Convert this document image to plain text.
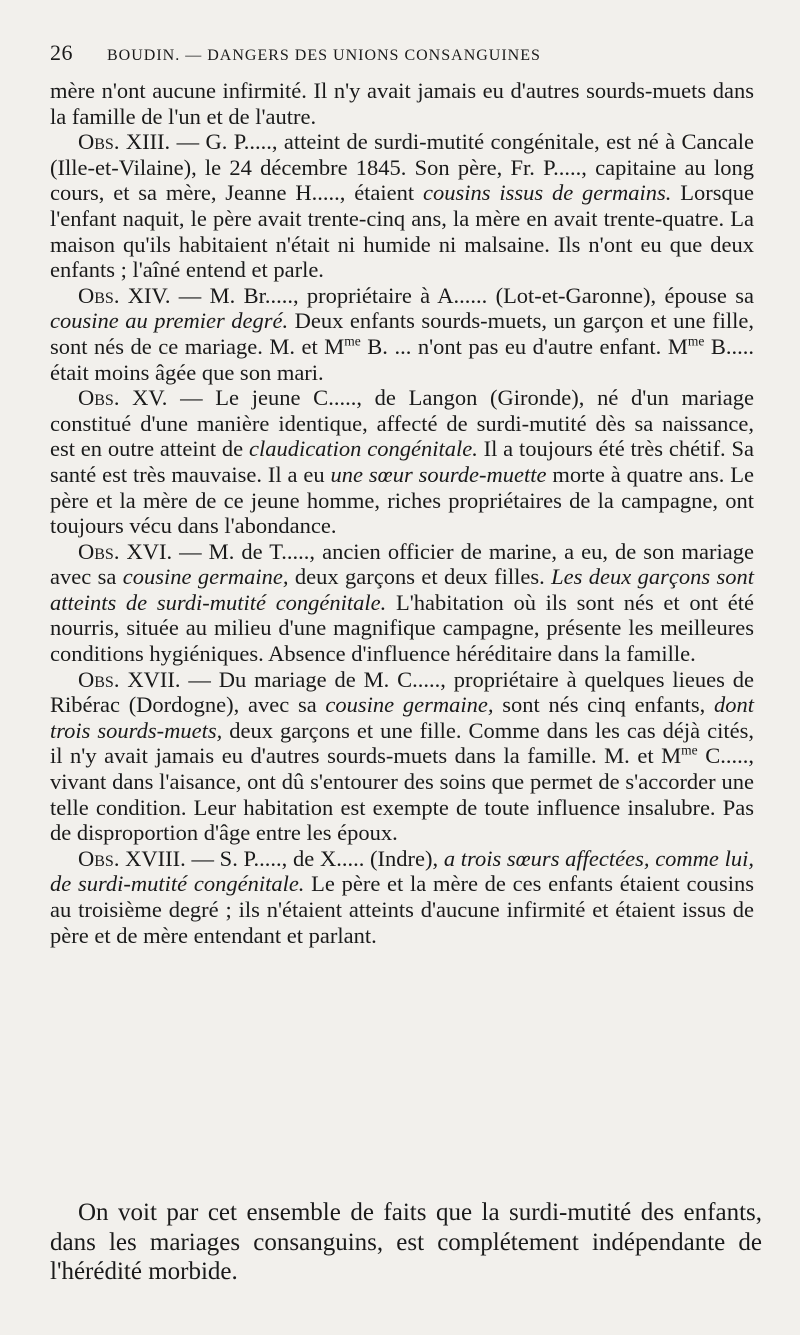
26 BOUDIN. — DANGERS DES UNIONS CONSANGUINES

mère n'ont aucune infirmité. Il n'y avait jamais eu d'autres sourds-muets dans la famille de l'un et de l'autre.

Obs. XIII. — G. P....., atteint de surdi-mutité congénitale, est né à Cancale (Ille-et-Vilaine), le 24 décembre 1845. Son père, Fr. P....., capitaine au long cours, et sa mère, Jeanne H....., étaient cousins issus de germains. Lorsque l'enfant naquit, le père avait trente-cinq ans, la mère en avait trente-quatre. La maison qu'ils habitaient n'était ni humide ni malsaine. Ils n'ont eu que deux enfants ; l'aîné entend et parle.

Obs. XIV. — M. Br....., propriétaire à A...... (Lot-et-Garonne), épouse sa cousine au premier degré. Deux enfants sourds-muets, un garçon et une fille, sont nés de ce mariage. M. et $M^{me}$ B. ... n'ont pas eu d'autre enfant. $M^{me}$ B..... était moins âgée que son mari.

Obs. XV. — Le jeune C....., de Langon (Gironde), né d'un mariage constitué d'une manière identique, affecté de surdi-mutité dès sa naissance, est en outre atteint de claudication congénitale. Il a toujours été très chétif. Sa santé est très mauvaise. Il a eu une sœur sourde-muette morte à quatre ans. Le père et la mère de ce jeune homme, riches propriétaires de la campagne, ont toujours vécu dans l'abondance.

Obs. XVI. — M. de T....., ancien officier de marine, a eu, de son mariage avec sa cousine germaine, deux garçons et deux filles. Les deux garçons sont atteints de surdi-mutité congénitale. L'habitation où ils sont nés et ont été nourris, située au milieu d'une magnifique campagne, présente les meilleures conditions hygiéniques. Absence d'influence héréditaire dans la famille.

Obs. XVII. — Du mariage de M. C....., propriétaire à quelques lieues de Ribérac (Dordogne), avec sa cousine germaine, sont nés cinq enfants, dont trois sourds-muets, deux garçons et une fille. Comme dans les cas déjà cités, il n'y avait jamais eu d'autres sourds-muets dans la famille. M. et $M^{me}$ C....., vivant dans l'aisance, ont dû s'entourer des soins que permet de s'accorder une telle condition. Leur habitation est exempte de toute influence insalubre. Pas de disproportion d'âge entre les époux.

Obs. XVIII. — S. P....., de X..... (Indre), a trois sœurs affectées, comme lui, de surdi-mutité congénitale. Le père et la mère de ces enfants étaient cousins au troisième degré ; ils n'étaient atteints d'aucune infirmité et étaient issus de père et de mère entendant et parlant.

On voit par cet ensemble de faits que la surdi-mutité des enfants, dans les mariages consanguins, est complétement indépendante de l'hérédité morbide.
